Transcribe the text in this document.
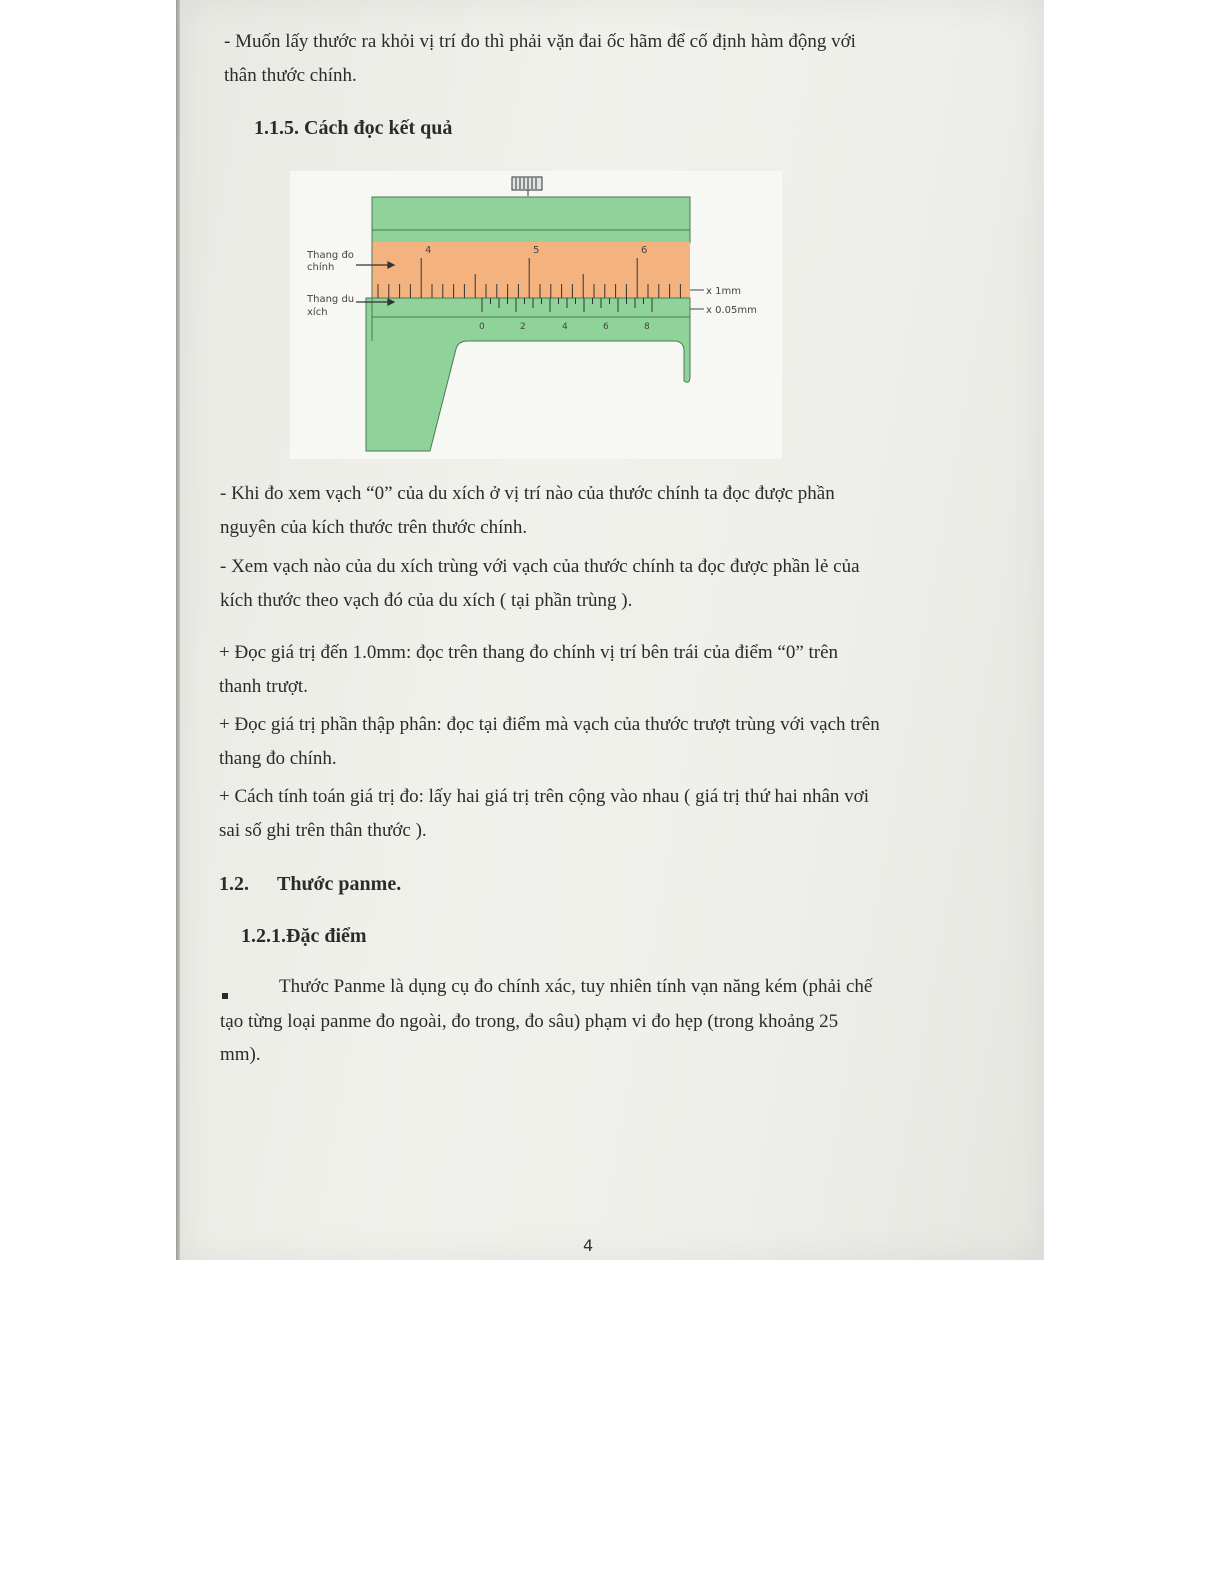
- Muốn lấy thước ra khỏi vị trí đo thì phải vặn đai ốc hãm để cố định hàm động với
thân thước chính.
1.1.5. Cách đọc kết quả
4	5	6
0	2	4	6	8
Thang đo
chính
Thang du
xích
x 1mm
x 0.05mm
- Khi đo xem vạch “0” của du xích ở vị trí nào của thước chính ta đọc được phần
nguyên của kích thước trên thước chính.
- Xem vạch nào của du xích trùng với vạch của thước chính ta đọc được phần lẻ của
kích thước theo vạch đó của du xích ( tại phần trùng ).
+ Đọc giá trị đến 1.0mm: đọc trên thang đo chính vị trí bên trái của điểm “0” trên
thanh trượt.
+ Đọc giá trị phần thập phân: đọc tại điểm mà vạch của thước trượt trùng với vạch trên
thang đo chính.
+ Cách tính toán giá trị đo: lấy hai giá trị trên cộng vào nhau ( giá trị thứ hai nhân vơi
sai số ghi trên thân thước ).
1.2. Thước panme.
1.2.1.Đặc điểm
Thước Panme là dụng cụ đo chính xác, tuy nhiên tính vạn năng kém (phải chế
tạo từng loại panme đo ngoài, đo trong, đo sâu) phạm vi đo hẹp (trong khoảng 25
mm).
4
